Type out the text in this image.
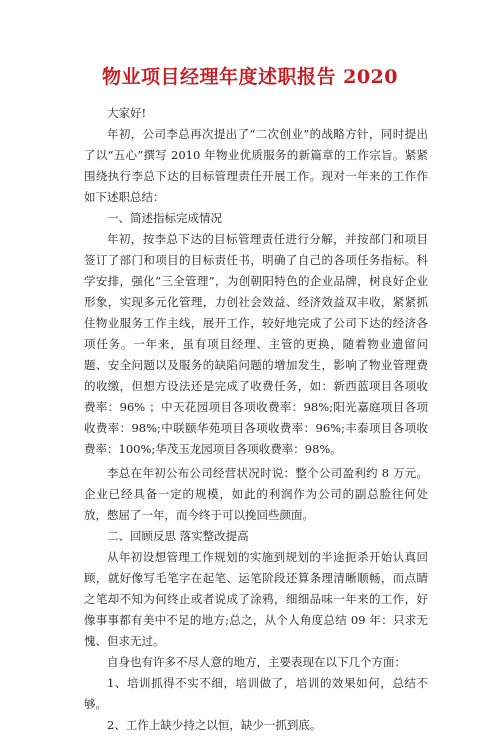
物业项目经理年度述职报告 2020

大家好!

年初，公司李总再次提出了“二次创业”的战略方针，同时提出了以“五心”撰写 2010 年物业优质服务的新篇章的工作宗旨。紧紧围绕执行李总下达的目标管理责任开展工作。现对一年来的工作作如下述职总结：

一、简述指标完成情况

年初，按李总下达的目标管理责任进行分解，并按部门和项目签订了部门和项目的目标责任书，明确了自己的各项任务指标。科学安排，强化“三全管理”，为创朝阳特色的企业品牌，树良好企业形象，实现多元化管理，力创社会效益、经济效益双丰收，紧紧抓住物业服务工作主线，展开工作，较好地完成了公司下达的经济各项任务。一年来，虽有项目经理、主管的更换，随着物业遗留问题、安全问题以及服务的缺陷问题的增加发生，影响了物业管理费的收缴，但想方设法还是完成了收费任务，如：新西蓝项目各项收费率：96% ；中天花园项目各项收费率：98%;阳光嘉庭项目各项收费率：98%;中联颐华苑项目各项收费率：96%;丰泰项目各项收费率：100%;华茂玉龙园项目各项收费率：98%。

李总在年初公布公司经营状况时说：整个公司盈利约 8 万元。企业已经具备一定的规模，如此的利润作为公司的副总脸往何处放，憋屈了一年，而今终于可以挽回些颜面。

二、回顾反思 落实整改提高

从年初设想管理工作规划的实施到规划的半途扼杀开始认真回顾，就好像写毛笔字在起笔、运笔阶段还算条理清晰顺畅，而点睛之笔却不知为何终止或者说成了涂鸦，细细品味一年来的工作，好像事事都有美中不足的地方;总之，从个人角度总结 09 年：只求无愧、但求无过。

自身也有许多不尽人意的地方，主要表现在以下几个方面：

1、培训抓得不实不细，培训做了，培训的效果如何，总结不够。

2、工作上缺少持之以恒，缺少一抓到底。
